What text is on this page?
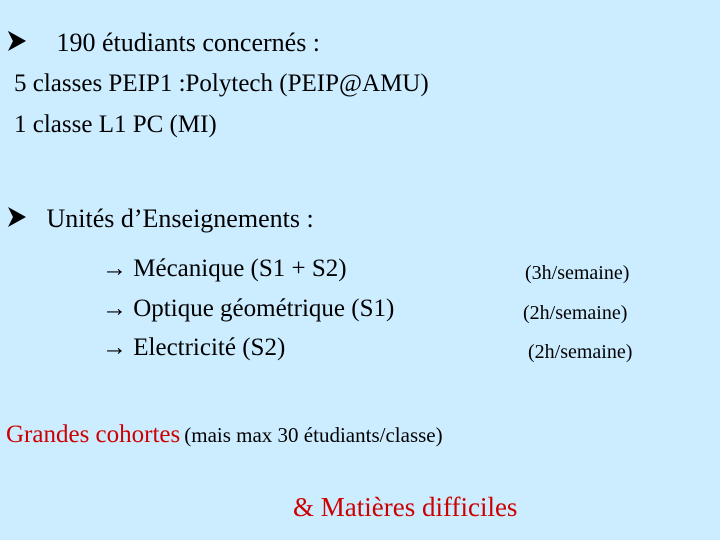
190 étudiants concernés :
5 classes PEIP1 :Polytech (PEIP@AMU)
1 classe L1 PC (MI)
Unités d’Enseignements :
→ Mécanique (S1 + S2)	(3h/semaine)
→ Optique géométrique (S1)	(2h/semaine)
→ Electricité (S2)	(2h/semaine)
Grandes cohortes (mais max 30 étudiants/classe)
& Matières difficiles
